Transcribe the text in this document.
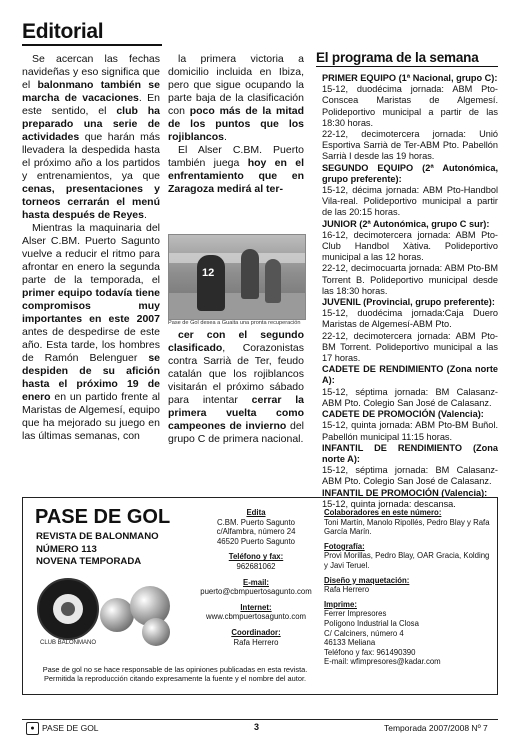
Editorial

Se acercan las fechas navideñas y eso significa que el balonmano también se marcha de vacaciones. En este sentido, el club ha preparado una serie de actividades que harán más llevadera la despedida hasta el próximo año a los partidos y entrenamientos, ya que cenas, presentaciones y torneos cerrarán el menú hasta después de Reyes.

Mientras la maquinaria del Alser C.BM. Puerto Sagunto vuelve a reducir el ritmo para afrontar en enero la segunda parte de la temporada, el primer equipo todavía tiene compromisos muy importantes en este 2007 antes de despedirse de este año. Esta tarde, los hombres de Ramón Belenguer se despiden de su afición hasta el próximo 19 de enero en un partido frente al Maristas de Algemesí, equipo que ha mejorado su juego en las últimas semanas, con

la primera victoria a domicilio incluida en Ibiza, pero que sigue ocupando la parte baja de la clasificación con poco más de la mitad de los puntos que los rojiblancos.

El Alser C.BM. Puerto también juega hoy en el enfrentamiento que en Zaragoza medirá al ter-

12
Pase de Gol desea a Guaita una pronta recuperación

cer con el segundo clasificado, Corazonistas contra Sarrià de Ter, feudo catalán que los rojiblancos visitarán el próximo sábado para intentar cerrar la primera vuelta como campeones de invierno del grupo C de primera nacional.

El programa de la semana
PRIMER EQUIPO (1ª Nacional, grupo C):
15-12, duodécima jornada: ABM Pto-Conscea Maristas de Algemesí. Polideportivo municipal a partir de las 18:30 horas.
22-12, decimotercera jornada: Unió Esportiva Sarrià de Ter-ABM Pto. Pabellón Sarrià I desde las 19 horas.
SEGUNDO EQUIPO (2ª Autonómica, grupo preferente):
15-12, décima jornada: ABM Pto-Handbol Vila-real. Polideportivo municipal a partir de las 20:15 horas.
JUNIOR (2ª Autonómica, grupo C sur):
16-12, decimotercera jornada: ABM Pto-Club Handbol Xàtiva. Polideportivo municipal a las 12 horas.
22-12, decimocuarta jornada: ABM Pto-BM Torrent B. Polideportivo municipal desde las 18:30 horas.
JUVENIL (Provincial, grupo preferente):
15-12, duodécima jornada:Caja Duero Maristas de Algemesí-ABM Pto.
22-12, decimotercera jornada: ABM Pto-BM Torrent. Polideportivo municipal a las 17 horas.
CADETE DE RENDIMIENTO (Zona norte A):
15-12, séptima jornada: BM Calasanz-ABM Pto. Colegio San José de Calasanz.
CADETE DE PROMOCIÓN (Valencia):
15-12, quinta jornada: ABM Pto-BM Buñol. Pabellón municipal 11:15 horas.
INFANTIL DE RENDIMIENTO (Zona norte A):
15-12, séptima jornada: BM Calasanz-ABM Pto. Colegio San José de Calasanz.
INFANTIL DE PROMOCIÓN (Valencia):
15-12, quinta jornada: descansa.
PASE DE GOL
REVISTA DE BALONMANO
NÚMERO 113
NOVENA TEMPORADA
CLUB BALONMANO
Pase de gol no se hace responsable de las opiniones publicadas en esta revista. Permitida la reproducción citando expresamente la fuente y el nombre del autor.
Edita
C.BM. Puerto Sagunto
c/Alfambra, número 24
46520 Puerto Sagunto
Teléfono y fax:
962681062
E-mail:
puerto@cbmpuertosagunto.com
Internet:
www.cbmpuertosagunto.com
Coordinador:
Rafa Herrero
Colaboradores en este número:
Toni Martín, Manolo Ripollés, Pedro Blay y Rafa García Marín.
Fotografía:
Provi Morillas, Pedro Blay, OAR Gracia, Kolding y Javi Teruel.
Diseño y maquetación:
Rafa Herrero
Imprime:
Ferrer Impresores
Polígono Industrial la Closa
C/ Calciners, número 4
46133 Meliana
Teléfono y fax: 961490390
E-mail: wfimpresores@kadar.com
● PASE DE GOL	3	Temporada 2007/2008 Nº 7
